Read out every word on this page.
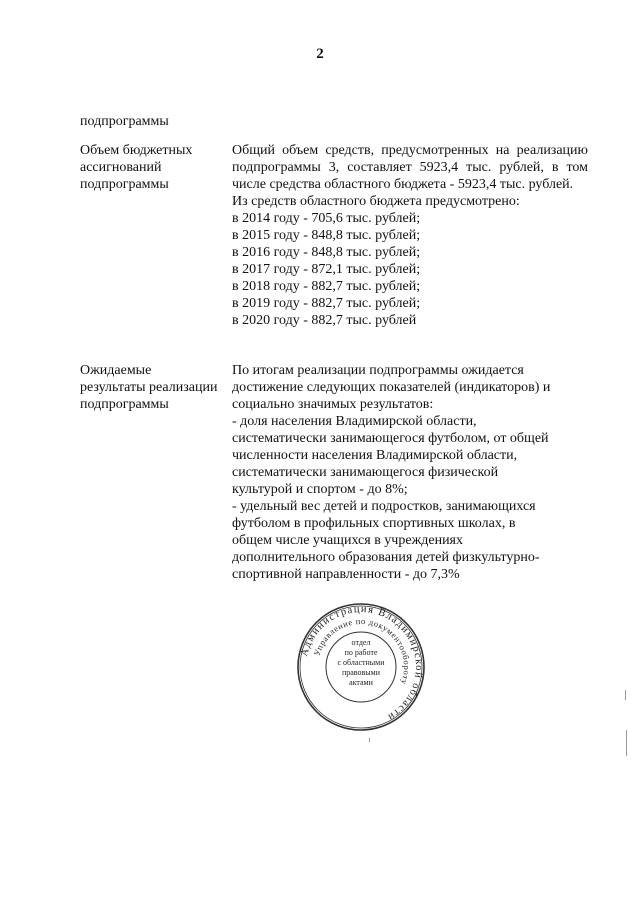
2
подпрограммы
Объем бюджетных
ассигнований
подпрограммы

Общий объем средств, предусмотренных на реализацию подпрограммы 3, составляет 5923,4 тыс. рублей, в том числе средства областного бюджета - 5923,4 тыс. рублей.

Из средств областного бюджета предусмотрено:
в 2014 году - 705,6 тыс. рублей;
в 2015 году - 848,8 тыс. рублей;
в 2016 году - 848,8 тыс. рублей;
в 2017 году - 872,1 тыс. рублей;
в 2018 году - 882,7 тыс. рублей;
в 2019 году - 882,7 тыс. рублей;
в 2020 году - 882,7 тыс. рублей
Ожидаемые
результаты реализации
подпрограммы
По итогам реализации подпрограммы ожидается
достижение следующих показателей (индикаторов) и
социально значимых результатов:
- доля населения Владимирской области,
систематически занимающегося футболом, от общей
численности населения Владимирской области,
систематически занимающегося физической
культурой и спортом - до 8%;
- удельный вес детей и подростков, занимающихся
футболом в профильных спортивных школах, в
общем числе учащихся в учреждениях
дополнительного образования детей физкультурно-
спортивной направленности - до 7,3%
Администрация Владимирской области
Управление по документообороту
отдел
по работе
с областными
правовыми
актами
